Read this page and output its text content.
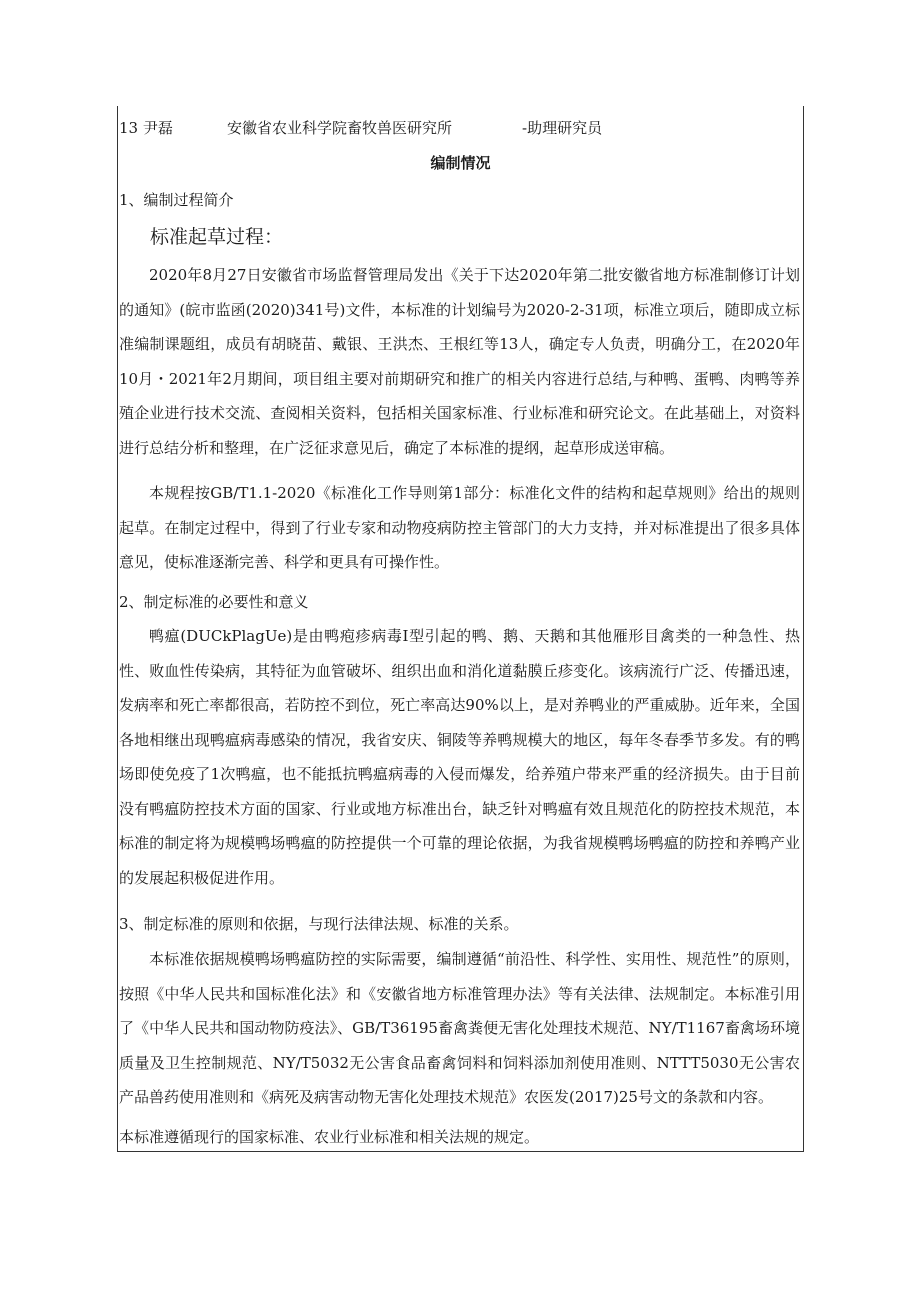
13 尹磊	安徽省农业科学院畜牧兽医研究所	-助理研究员
编制情况
1、编制过程简介
标准起草过程：

2020年8月27日安徽省市场监督管理局发出《关于下达2020年第二批安徽省地方标准制修订计划的通知》(皖市监函(2020)341号)文件，本标准的计划编号为2020-2-31项，标准立项后，随即成立标准编制课题组，成员有胡晓苗、戴银、王洪杰、王根红等13人，确定专人负责，明确分工，在2020年10月・2021年2月期间，项目组主要对前期研究和推广的相关内容进行总结,与种鸭、蛋鸭、肉鸭等养殖企业进行技术交流、查阅相关资料，包括相关国家标准、行业标准和研究论文。在此基础上，对资料进行总结分析和整理，在广泛征求意见后，确定了本标准的提纲，起草形成送审稿。

本规程按GB/T1.1-2020《标准化工作导则第1部分：标准化文件的结构和起草规则》给出的规则起草。在制定过程中，得到了行业专家和动物疫病防控主管部门的大力支持，并对标准提出了很多具体意见，使标准逐渐完善、科学和更具有可操作性。

2、制定标准的必要性和意义

鸭瘟(DUCkPlagUe)是由鸭疱疹病毒I型引起的鸭、鹅、天鹅和其他雁形目禽类的一种急性、热性、败血性传染病，其特征为血管破坏、组织出血和消化道黏膜丘疹变化。该病流行广泛、传播迅速，发病率和死亡率都很高，若防控不到位，死亡率高达90%以上，是对养鸭业的严重威胁。近年来，全国各地相继出现鸭瘟病毒感染的情况，我省安庆、铜陵等养鸭规模大的地区，每年冬春季节多发。有的鸭场即使免疫了1次鸭瘟，也不能抵抗鸭瘟病毒的入侵而爆发，给养殖户带来严重的经济损失。由于目前没有鸭瘟防控技术方面的国家、行业或地方标准出台，缺乏针对鸭瘟有效且规范化的防控技术规范，本标准的制定将为规模鸭场鸭瘟的防控提供一个可靠的理论依据，为我省规模鸭场鸭瘟的防控和养鸭产业的发展起积极促进作用。

3、制定标准的原则和依据，与现行法律法规、标准的关系。

本标准依据规模鸭场鸭瘟防控的实际需要，编制遵循“前沿性、科学性、实用性、规范性”的原则，按照《中华人民共和国标准化法》和《安徽省地方标准管理办法》等有关法律、法规制定。本标准引用了《中华人民共和国动物防疫法》、GB/T36195畜禽粪便无害化处理技术规范、NY/T1167畜禽场环境质量及卫生控制规范、NY/T5032无公害食品畜禽饲料和饲料添加剂使用准则、NTTT5030无公害农产品兽药使用准则和《病死及病害动物无害化处理技术规范》农医发(2017)25号文的条款和内容。

本标准遵循现行的国家标准、农业行业标准和相关法规的规定。
